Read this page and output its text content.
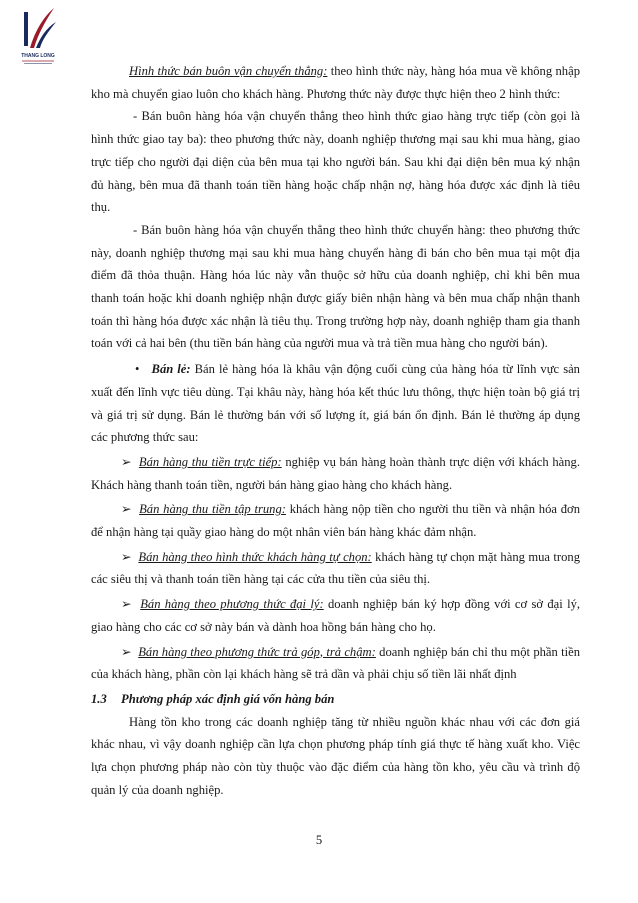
THANG LONG

Hình thức bán buôn vận chuyển thẳng: theo hình thức này, hàng hóa mua về không nhập kho mà chuyển giao luôn cho khách hàng. Phương thức này được thực hiện theo 2 hình thức:

- Bán buôn hàng hóa vận chuyển thẳng theo hình thức giao hàng trực tiếp (còn gọi là hình thức giao tay ba): theo phương thức này, doanh nghiệp thương mại sau khi mua hàng, giao trực tiếp cho người đại diện của bên mua tại kho người bán. Sau khi đại diện bên mua ký nhận đủ hàng, bên mua đã thanh toán tiền hàng hoặc chấp nhận nợ, hàng hóa được xác định là tiêu thụ.

- Bán buôn hàng hóa vận chuyển thẳng theo hình thức chuyển hàng: theo phương thức này, doanh nghiệp thương mại sau khi mua hàng chuyển hàng đi bán cho bên mua tại một địa điểm đã thỏa thuận. Hàng hóa lúc này vẫn thuộc sở hữu của doanh nghiệp, chỉ khi bên mua thanh toán hoặc khi doanh nghiệp nhận được giấy biên nhận hàng và bên mua chấp nhận thanh toán thì hàng hóa được xác nhận là tiêu thụ. Trong trường hợp này, doanh nghiệp tham gia thanh toán với cả hai bên (thu tiền bán hàng của người mua và trả tiền mua hàng cho người bán).

• Bán lẻ: Bán lẻ hàng hóa là khâu vận động cuối cùng của hàng hóa từ lĩnh vực sản xuất đến lĩnh vực tiêu dùng. Tại khâu này, hàng hóa kết thúc lưu thông, thực hiện toàn bộ giá trị và giá trị sử dụng. Bán lẻ thường bán với số lượng ít, giá bán ổn định. Bán lẻ thường áp dụng các phương thức sau:

➢ Bán hàng thu tiền trực tiếp: nghiệp vụ bán hàng hoàn thành trực diện với khách hàng. Khách hàng thanh toán tiền, người bán hàng giao hàng cho khách hàng.

➢ Bán hàng thu tiền tập trung: khách hàng nộp tiền cho người thu tiền và nhận hóa đơn để nhận hàng tại quầy giao hàng do một nhân viên bán hàng khác đảm nhận.

➢ Bán hàng theo hình thức khách hàng tự chọn: khách hàng tự chọn mặt hàng mua trong các siêu thị và thanh toán tiền hàng tại các cửa thu tiền của siêu thị.

➢ Bán hàng theo phương thức đại lý: doanh nghiệp bán ký hợp đồng với cơ sở đại lý, giao hàng cho các cơ sở này bán và dành hoa hồng bán hàng cho họ.

➢ Bán hàng theo phương thức trả góp, trả chậm: doanh nghiệp bán chỉ thu một phần tiền của khách hàng, phần còn lại khách hàng sẽ trả dần và phải chịu số tiền lãi nhất định

1.3 Phương pháp xác định giá vốn hàng bán

Hàng tồn kho trong các doanh nghiệp tăng từ nhiều nguồn khác nhau với các đơn giá khác nhau, vì vậy doanh nghiệp cần lựa chọn phương pháp tính giá thực tế hàng xuất kho. Việc lựa chọn phương pháp nào còn tùy thuộc vào đặc điểm của hàng tồn kho, yêu cầu và trình độ quản lý của doanh nghiệp.

5
